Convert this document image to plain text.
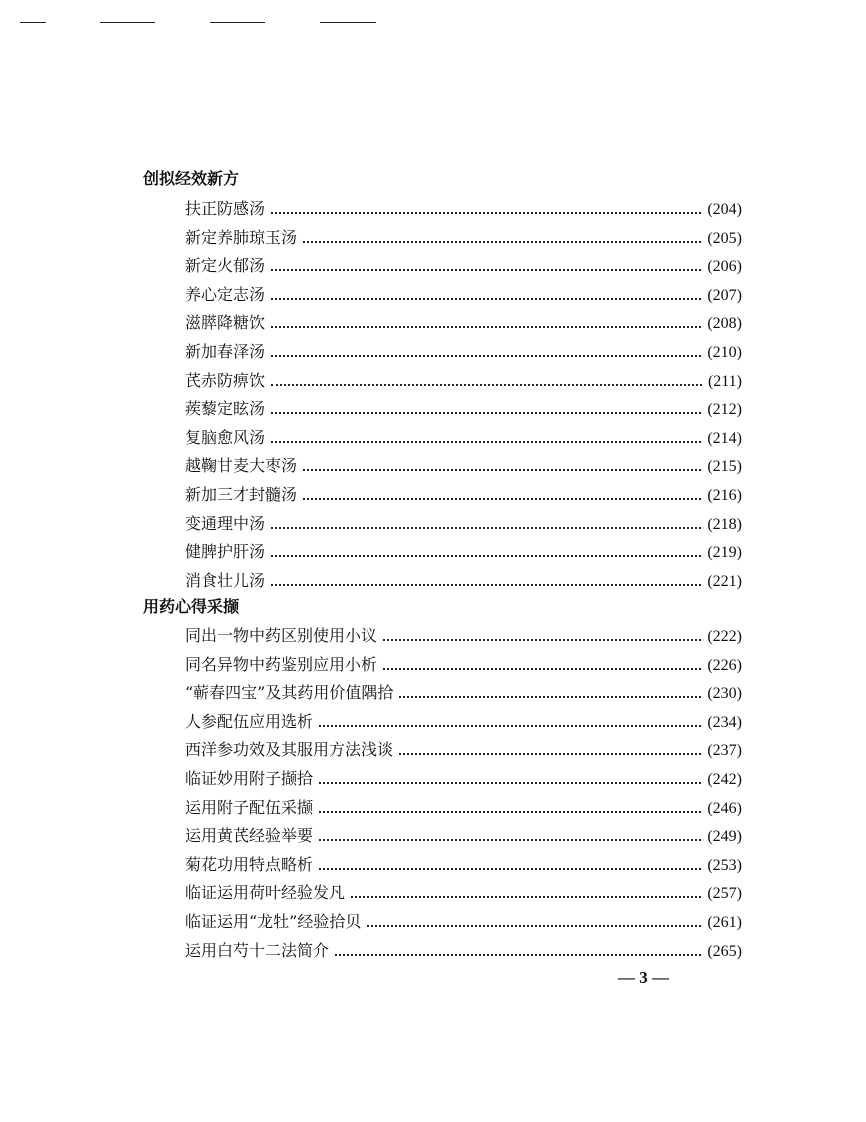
创拟经效新方
扶正防感汤	(204)
新定养肺琼玉汤	(205)
新定火郁汤	(206)
养心定志汤	(207)
滋膵降糖饮	(208)
新加春泽汤	(210)
芪赤防痹饮	(211)
蒺藜定眩汤	(212)
复脑愈风汤	(214)
越鞠甘麦大枣汤	(215)
新加三才封髓汤	(216)
变通理中汤	(218)
健脾护肝汤	(219)
消食壮儿汤	(221)
用药心得采撷
同出一物中药区别使用小议	(222)
同名异物中药鉴别应用小析	(226)
“蕲春四宝”及其药用价值隅拾	(230)
人参配伍应用选析	(234)
西洋参功效及其服用方法浅谈	(237)
临证妙用附子撷拾	(242)
运用附子配伍采撷	(246)
运用黄芪经验举要	(249)
菊花功用特点略析	(253)
临证运用荷叶经验发凡	(257)
临证运用“龙牡”经验拾贝	(261)
运用白芍十二法简介	(265)
— 3 —
